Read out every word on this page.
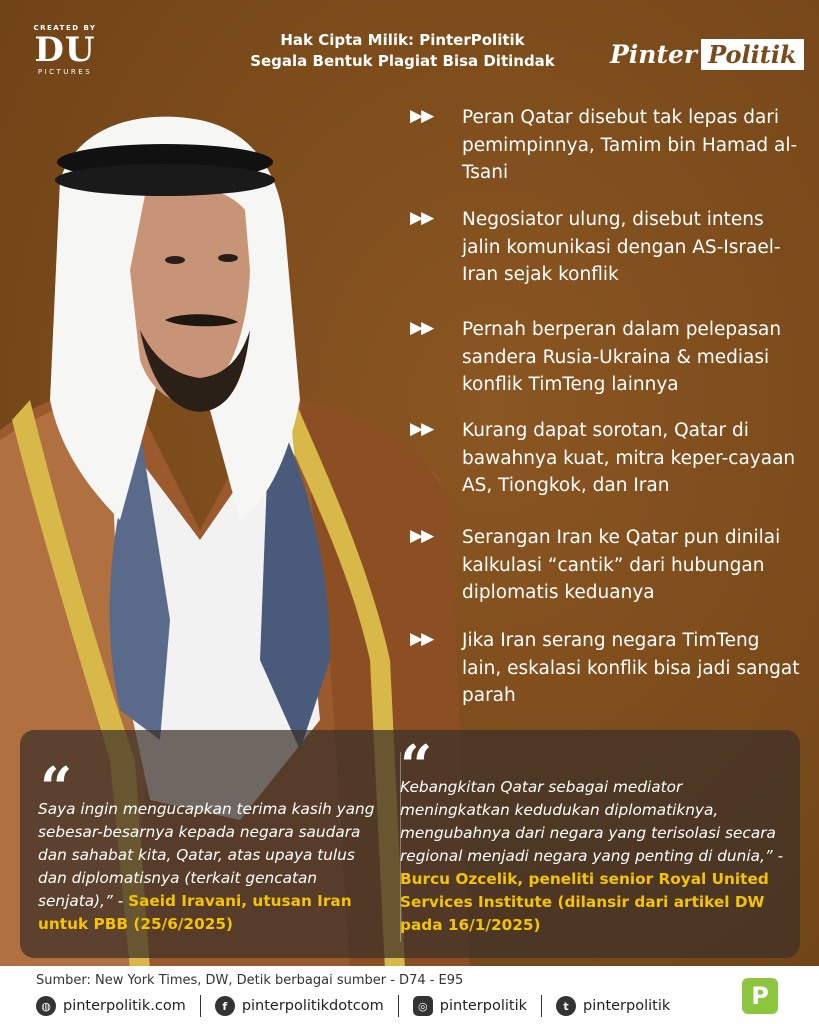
CREATED BY
DU
PICTURES
Hak Cipta Milik: PinterPolitik
Segala Bentuk Plagiat Bisa Ditindak	Pinter Politik
▶▶	Peran Qatar disebut tak lepas dari pemimpinnya, Tamim bin Hamad al-Tsani
▶▶	Negosiator ulung, disebut intens jalin komunikasi dengan AS-Israel-Iran sejak konflik
▶▶	Pernah berperan dalam pelepasan sandera Rusia-Ukraina & mediasi konflik TimTeng lainnya
▶▶	Kurang dapat sorotan, Qatar di bawahnya kuat, mitra keper-cayaan AS, Tiongkok, dan Iran
▶▶	Serangan Iran ke Qatar pun dinilai kalkulasi “cantik” dari hubungan diplomatis keduanya
▶▶	Jika Iran serang negara TimTeng lain, eskalasi konflik bisa jadi sangat parah
“
Saya ingin mengucapkan terima kasih yang sebesar-besarnya kepada negara saudara dan sahabat kita, Qatar, atas upaya tulus dan diplomatisnya (terkait gencatan senjata),” - Saeid Iravani, utusan Iran untuk PBB (25/6/2025)
“
Kebangkitan Qatar sebagai mediator meningkatkan kedudukan diplomatiknya, mengubahnya dari negara yang terisolasi secara regional menjadi negara yang penting di dunia,” - Burcu Ozcelik, peneliti senior Royal United Services Institute (dilansir dari artikel DW pada 16/1/2025)
Sumber: New York Times, DW, Detik berbagai sumber - D74 - E95
◍ pinterpolitik.com	f	pinterpolitikdotcom	◎ pinterpolitik	t pinterpolitik	P
